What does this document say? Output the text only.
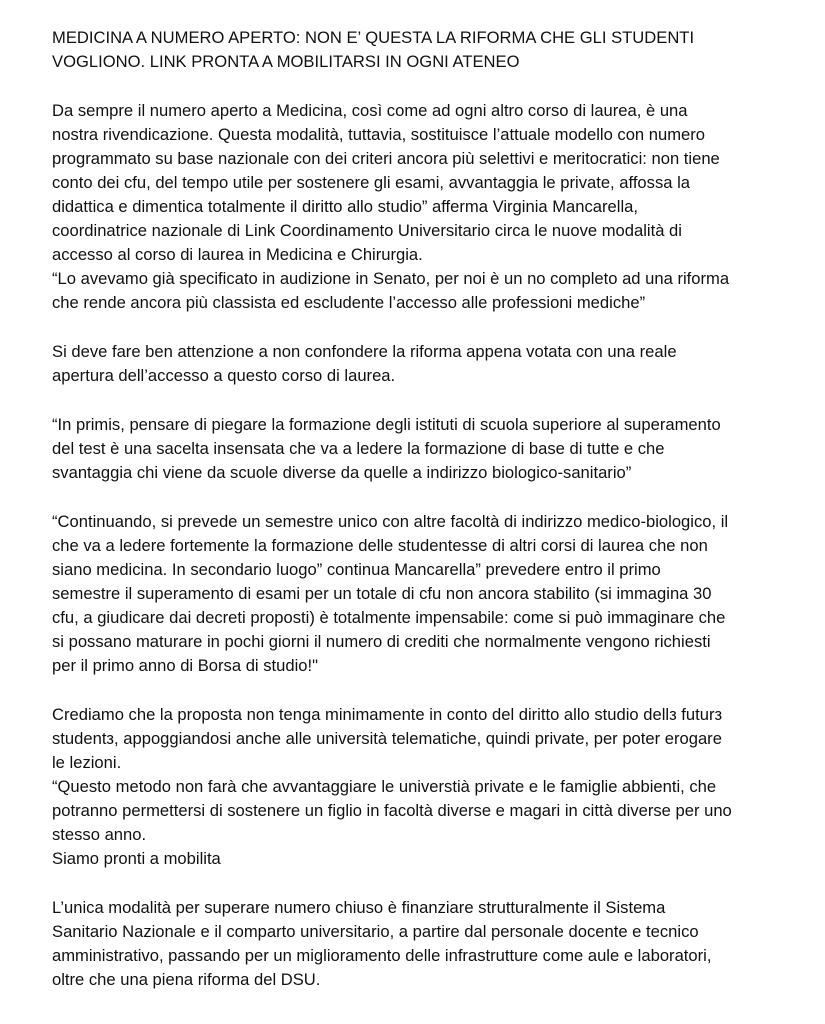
MEDICINA A NUMERO APERTO: NON E’ QUESTA LA RIFORMA CHE GLI STUDENTI
VOGLIONO. LINK PRONTA A MOBILITARSI IN OGNI ATENEO
Da sempre il numero aperto a Medicina, così come ad ogni altro corso di laurea, è una
nostra rivendicazione. Questa modalità, tuttavia, sostituisce l’attuale modello con numero
programmato su base nazionale con dei criteri ancora più selettivi e meritocratici: non tiene
conto dei cfu, del tempo utile per sostenere gli esami, avvantaggia le private, affossa la
didattica e dimentica totalmente il diritto allo studio” afferma Virginia Mancarella,
coordinatrice nazionale di Link Coordinamento Universitario circa le nuove modalità di
accesso al corso di laurea in Medicina e Chirurgia.
“Lo avevamo già specificato in audizione in Senato, per noi è un no completo ad una riforma
che rende ancora più classista ed escludente l’accesso alle professioni mediche”
Si deve fare ben attenzione a non confondere la riforma appena votata con una reale
apertura dell’accesso a questo corso di laurea.
“In primis, pensare di piegare la formazione degli istituti di scuola superiore al superamento
del test è una sacelta insensata che va a ledere la formazione di base di tutte e che
svantaggia chi viene da scuole diverse da quelle a indirizzo biologico-sanitario”
“Continuando, si prevede un semestre unico con altre facoltà di indirizzo medico-biologico, il
che va a ledere fortemente la formazione delle studentesse di altri corsi di laurea che non
siano medicina. In secondario luogo” continua Mancarella” prevedere entro il primo
semestre il superamento di esami per un totale di cfu non ancora stabilito (si immagina 30
cfu, a giudicare dai decreti proposti) è totalmente impensabile: come si può immaginare che
si possano maturare in pochi giorni il numero di crediti che normalmente vengono richiesti
per il primo anno di Borsa di studio!"
Crediamo che la proposta non tenga minimamente in conto del diritto allo studio dellз futurз
studentз, appoggiandosi anche alle università telematiche, quindi private, per poter erogare
le lezioni.
“Questo metodo non farà che avvantaggiare le universtià private e le famiglie abbienti, che
potranno permettersi di sostenere un figlio in facoltà diverse e magari in città diverse per uno
stesso anno.
Siamo pronti a mobilita
L’unica modalità per superare numero chiuso è finanziare strutturalmente il Sistema
Sanitario Nazionale e il comparto universitario, a partire dal personale docente e tecnico
amministrativo, passando per un miglioramento delle infrastrutture come aule e laboratori,
oltre che una piena riforma del DSU.
